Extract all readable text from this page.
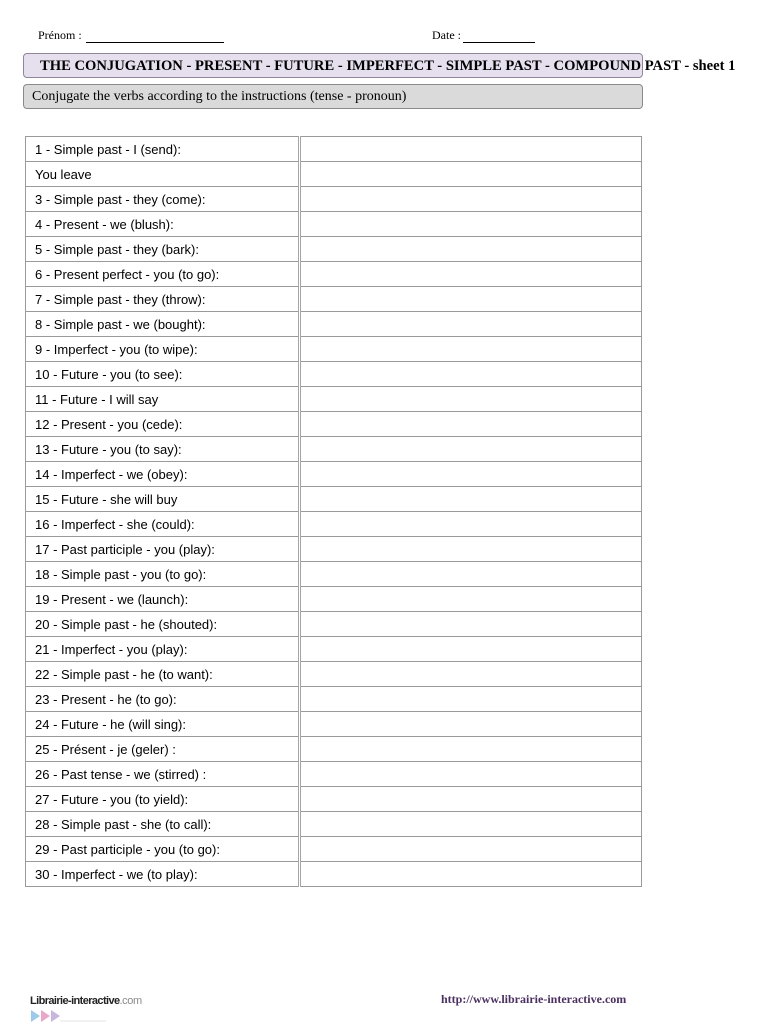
Prénom :	Date :
THE CONJUGATION - PRESENT - FUTURE - IMPERFECT - SIMPLE PAST - COMPOUND PAST - sheet 1
Conjugate the verbs according to the instructions (tense - pronoun)
1 - Simple past - I (send):	
You leave	
3 - Simple past - they (come):	
4 - Present - we (blush):	
5 - Simple past - they (bark):	
6 - Present perfect - you (to go):	
7 - Simple past - they (throw):	
8 - Simple past - we (bought):	
9 - Imperfect - you (to wipe):	
10 - Future - you (to see):	
11 - Future - I will say	
12 - Present - you (cede):	
13 - Future - you (to say):	
14 - Imperfect - we (obey):	
15 - Future - she will buy	
16 - Imperfect - she (could):	
17 - Past participle - you (play):	
18 - Simple past - you (to go):	
19 - Present - we (launch):	
20 - Simple past - he (shouted):	
21 - Imperfect - you (play):	
22 - Simple past - he (to want):	
23 - Present - he (to go):	
24 - Future - he (will sing):	
25 - Présent - je (geler) :	
26 - Past tense - we (stirred) :	
27 - Future - you (to yield):	
28 - Simple past - she (to call):	
29 - Past participle - you (to go):	
30 - Imperfect - we (to play):	
Librairie-interactive.com	http://www.librairie-interactive.com
